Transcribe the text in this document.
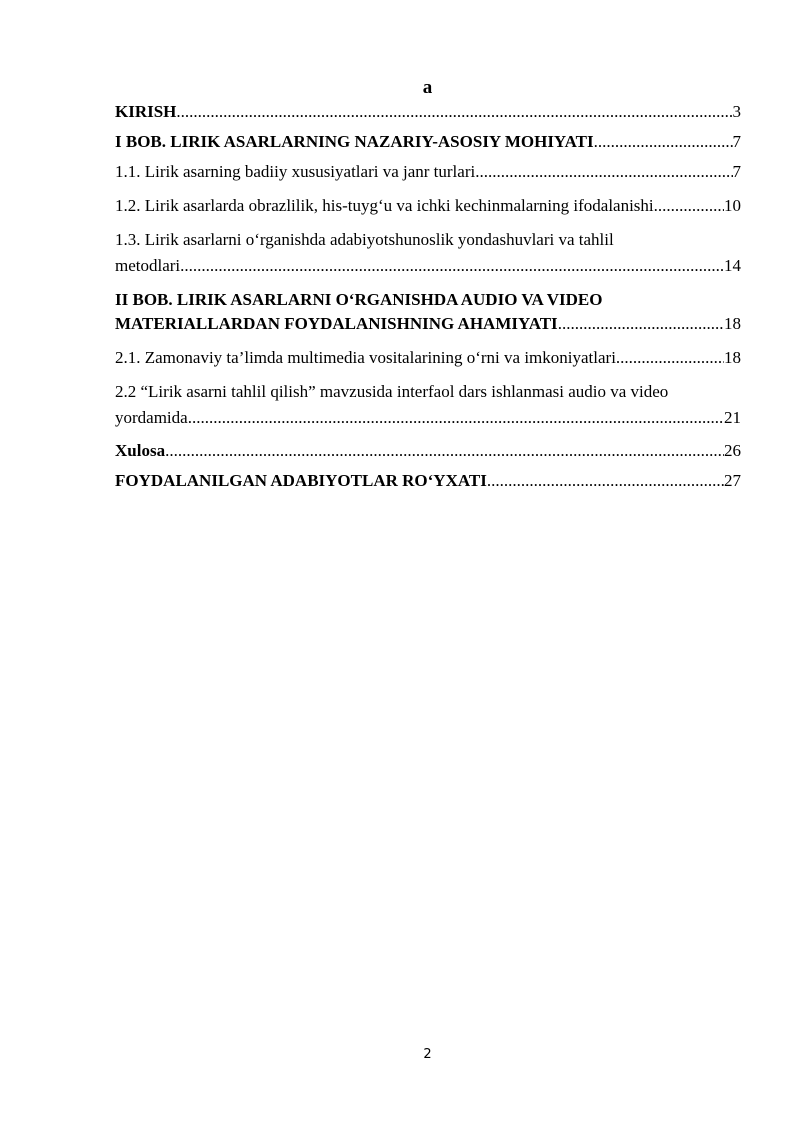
a
KIRISH .....	3
I BOB. LIRIK ASARLARNING NAZARIY-ASOSIY MOHIYATI .....	7
1.1. Lirik asarning badiiy xususiyatlari va janr turlari .....	7
1.2. Lirik asarlarda obrazlilik, his-tuyg‘u va ichki kechinmalarning ifodalanishi. .....	10
1.3. Lirik asarlarni o‘rganishda adabiyotshunoslik yondashuvlari va tahlil
metodlari .....	14
II BOB. LIRIK ASARLARNI O‘RGANISHDA AUDIO VA VIDEO
MATERIALLARDAN FOYDALANISHNING AHAMIYATI .....	18
2.1. Zamonaviy ta’limda multimedia vositalarining o‘rni va imkoniyatlari .....	18
2.2 “Lirik asarni tahlil qilish” mavzusida interfaol dars ishlanmasi audio va video
yordamida .....	21
Xulosa .....	26
FOYDALANILGAN ADABIYOTLAR RO‘YXATI .....	27
2
